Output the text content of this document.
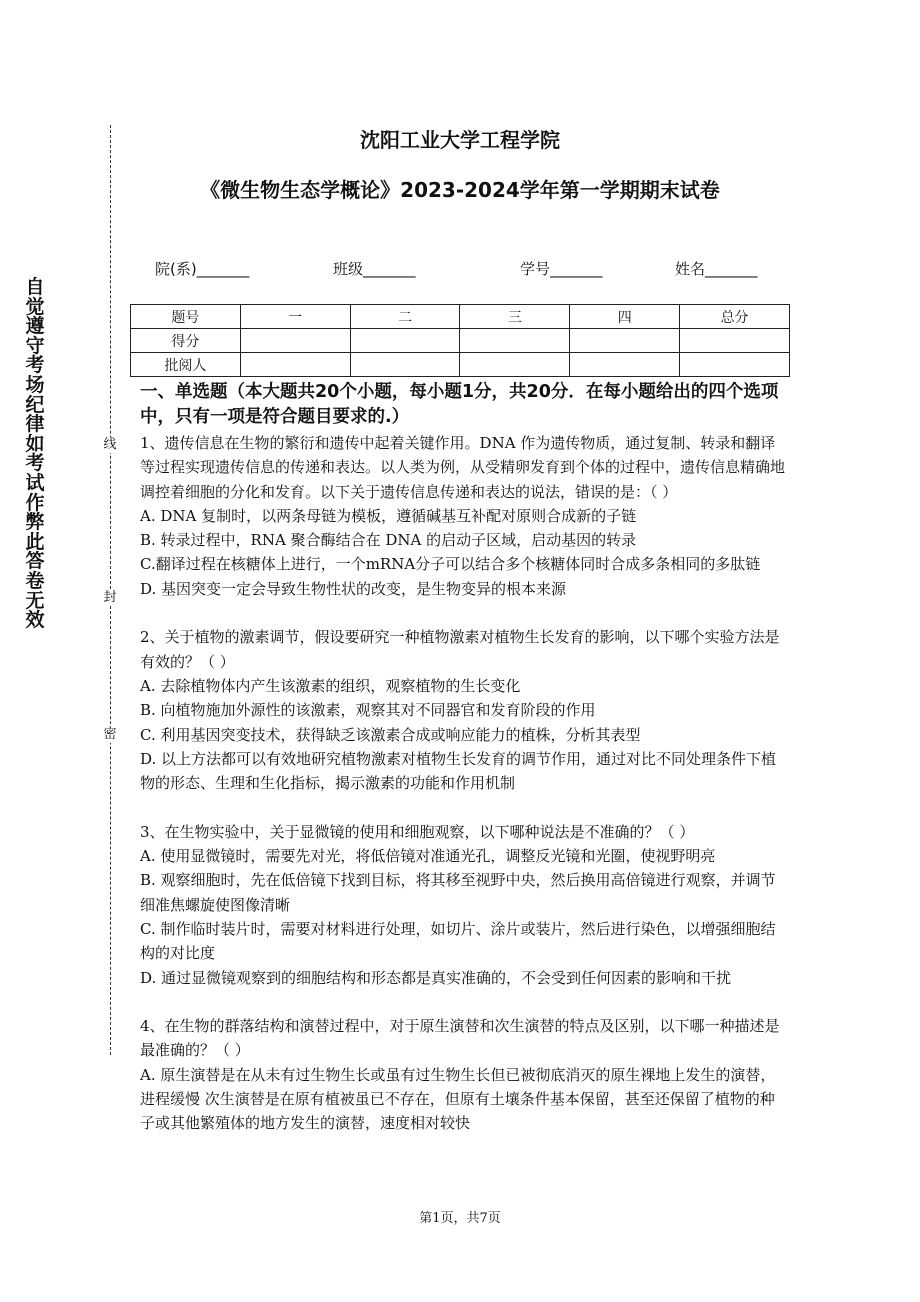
自觉遵守考场纪律如考试作弊此答卷无效
线
封
密
沈阳工业大学工程学院
《微生物生态学概论》2023-2024学年第一学期期末试卷
院(系)_______	班级_______	学号_______	姓名_______
题号	一	二	三	四	总分
得分					
批阅人					
一、单选题（本大题共20个小题，每小题1分，共20分．在每小题给出的四个选项中，只有一项是符合题目要求的.）
1、遗传信息在生物的繁衍和遗传中起着关键作用。DNA 作为遗传物质，通过复制、转录和翻译等过程实现遗传信息的传递和表达。以人类为例，从受精卵发育到个体的过程中，遗传信息精确地调控着细胞的分化和发育。以下关于遗传信息传递和表达的说法，错误的是：（ ）
A. DNA 复制时，以两条母链为模板，遵循碱基互补配对原则合成新的子链
B. 转录过程中，RNA 聚合酶结合在 DNA 的启动子区域，启动基因的转录
C.翻译过程在核糖体上进行，一个mRNA分子可以结合多个核糖体同时合成多条相同的多肽链
D. 基因突变一定会导致生物性状的改变，是生物变异的根本来源
2、关于植物的激素调节，假设要研究一种植物激素对植物生长发育的影响，以下哪个实验方法是有效的？（ ）
A. 去除植物体内产生该激素的组织，观察植物的生长变化
B. 向植物施加外源性的该激素，观察其对不同器官和发育阶段的作用
C. 利用基因突变技术，获得缺乏该激素合成或响应能力的植株，分析其表型
D. 以上方法都可以有效地研究植物激素对植物生长发育的调节作用，通过对比不同处理条件下植物的形态、生理和生化指标，揭示激素的功能和作用机制
3、在生物实验中，关于显微镜的使用和细胞观察，以下哪种说法是不准确的？（ ）
A. 使用显微镜时，需要先对光，将低倍镜对准通光孔，调整反光镜和光圈，使视野明亮
B. 观察细胞时，先在低倍镜下找到目标，将其移至视野中央，然后换用高倍镜进行观察，并调节细准焦螺旋使图像清晰
C. 制作临时装片时，需要对材料进行处理，如切片、涂片或装片，然后进行染色，以增强细胞结构的对比度
D. 通过显微镜观察到的细胞结构和形态都是真实准确的，不会受到任何因素的影响和干扰
4、在生物的群落结构和演替过程中，对于原生演替和次生演替的特点及区别，以下哪一种描述是最准确的？（ ）
A. 原生演替是在从未有过生物生长或虽有过生物生长但已被彻底消灭的原生裸地上发生的演替，进程缓慢 次生演替是在原有植被虽已不存在，但原有土壤条件基本保留，甚至还保留了植物的种子或其他繁殖体的地方发生的演替，速度相对较快
第1页，共7页
